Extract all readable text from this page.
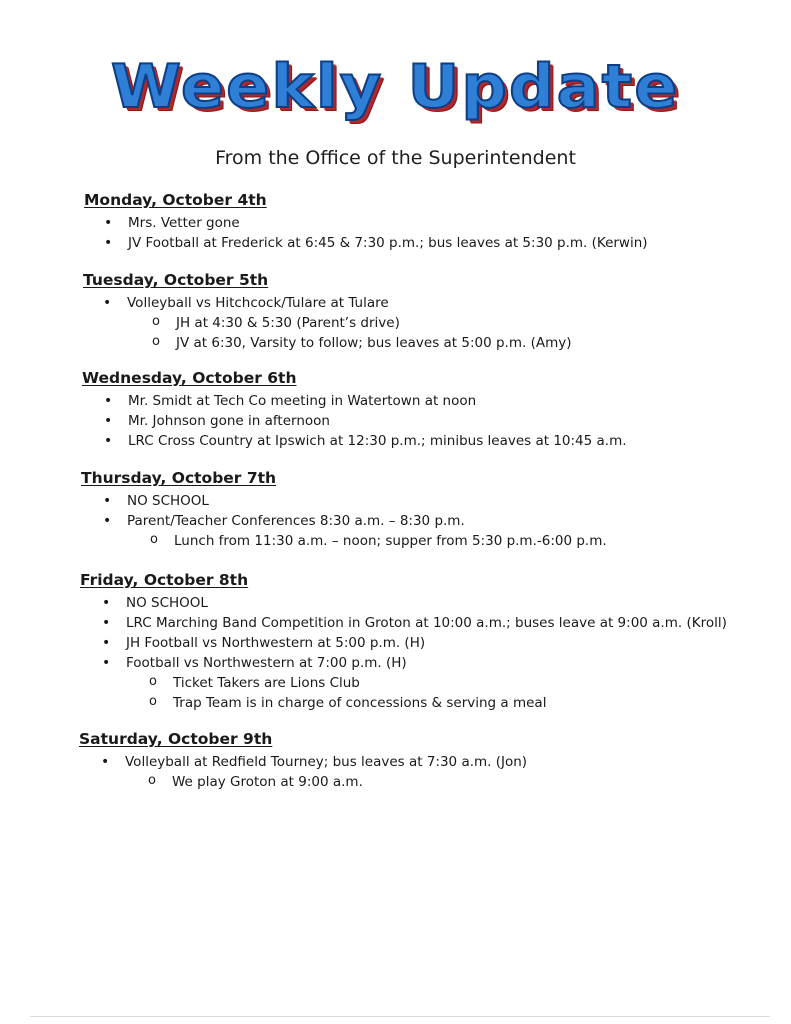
Weekly Update
From the Office of the Superintendent
Monday, October 4th
• Mrs. Vetter gone
• JV Football at Frederick at 6:45 & 7:30 p.m.; bus leaves at 5:30 p.m. (Kerwin)
Tuesday, October 5th
• Volleyball vs Hitchcock/Tulare at Tulare
o JH at 4:30 & 5:30 (Parent’s drive)
o JV at 6:30, Varsity to follow; bus leaves at 5:00 p.m. (Amy)
Wednesday, October 6th
• Mr. Smidt at Tech Co meeting in Watertown at noon
• Mr. Johnson gone in afternoon
• LRC Cross Country at Ipswich at 12:30 p.m.; minibus leaves at 10:45 a.m.
Thursday, October 7th
• NO SCHOOL
• Parent/Teacher Conferences 8:30 a.m. – 8:30 p.m.
o Lunch from 11:30 a.m. – noon; supper from 5:30 p.m.-6:00 p.m.
Friday, October 8th
• NO SCHOOL
• LRC Marching Band Competition in Groton at 10:00 a.m.; buses leave at 9:00 a.m. (Kroll)
• JH Football vs Northwestern at 5:00 p.m. (H)
• Football vs Northwestern at 7:00 p.m. (H)
o Ticket Takers are Lions Club
o Trap Team is in charge of concessions & serving a meal
Saturday, October 9th
• Volleyball at Redfield Tourney; bus leaves at 7:30 a.m. (Jon)
o We play Groton at 9:00 a.m.
